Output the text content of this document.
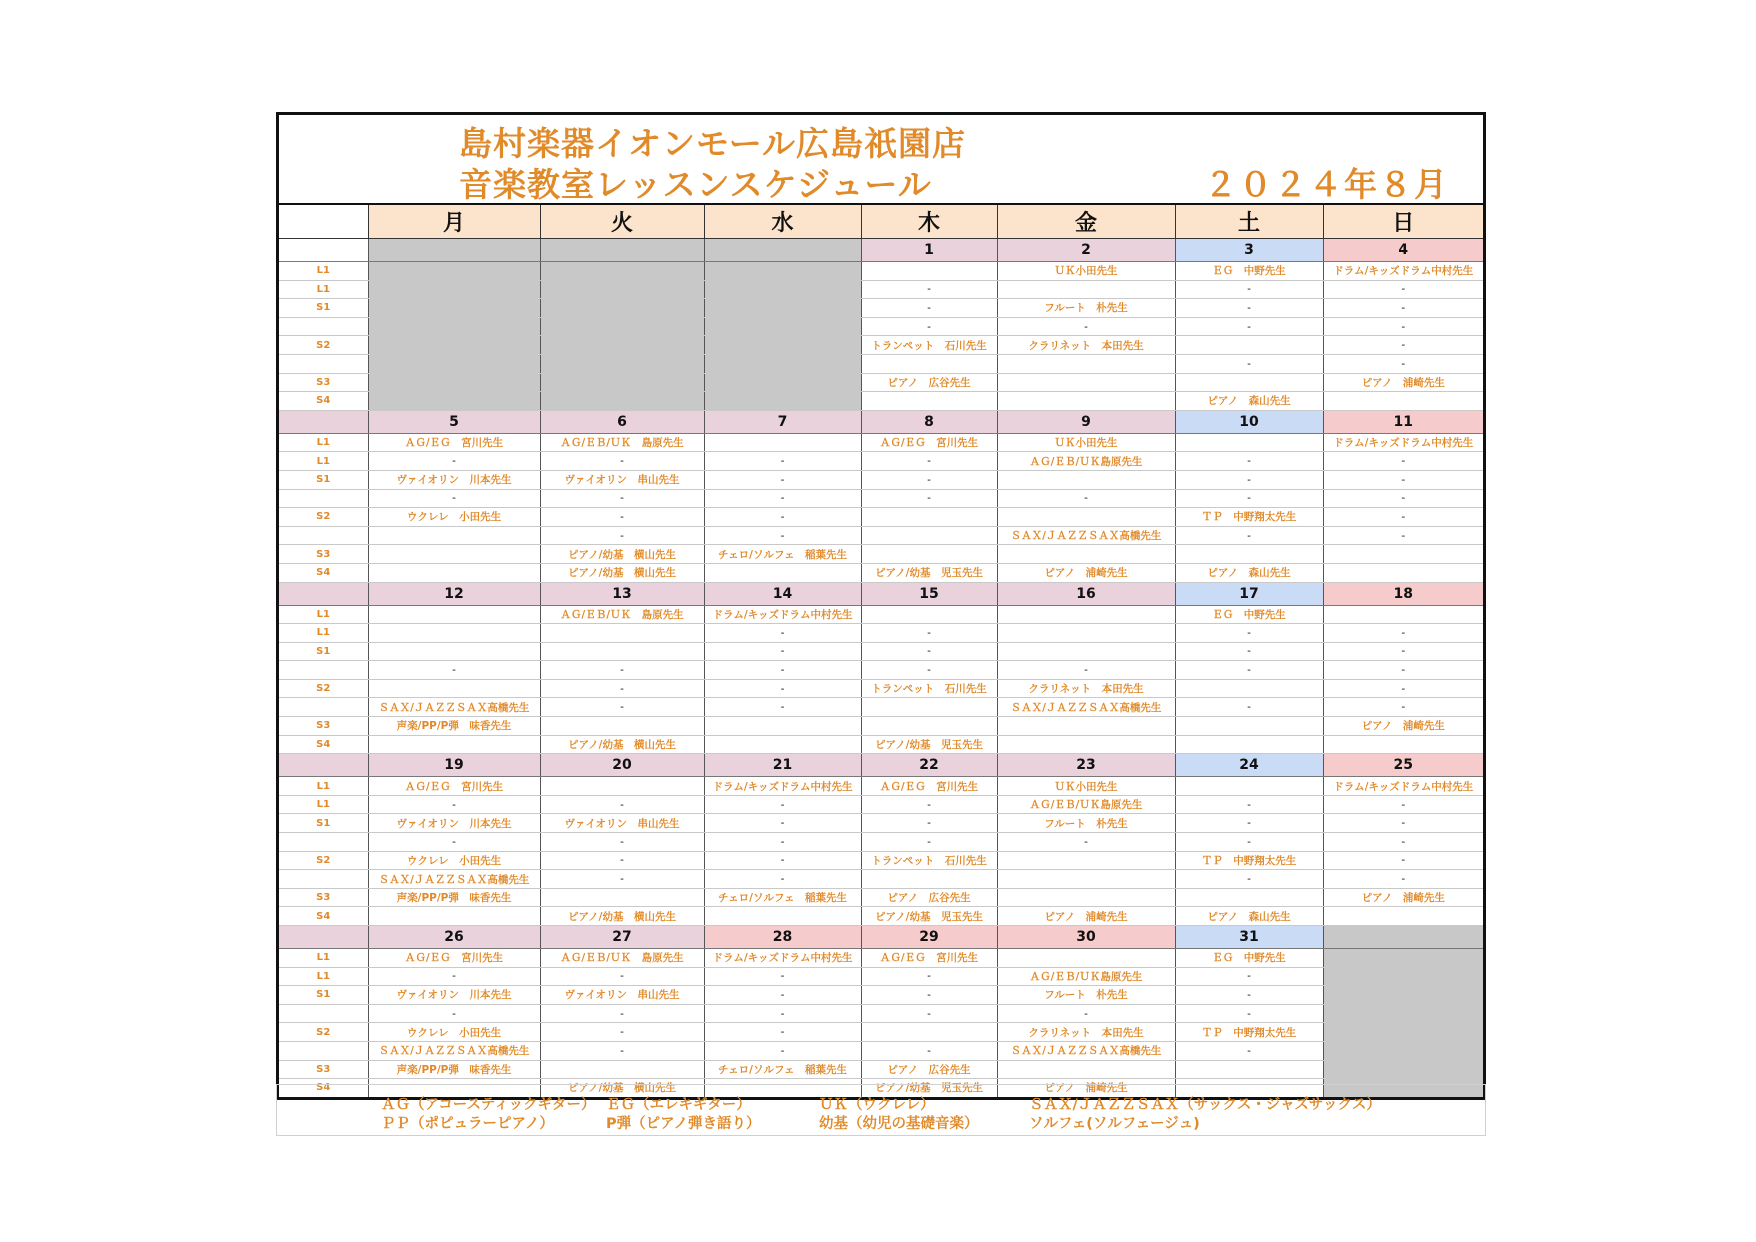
島村楽器イオンモール広島祇園店
音楽教室レッスンスケジュール	２０２４年８月
	月	火	水	木	金	土	日
				1	2	3	4
L1					ＵＫ小田先生	ＥＧ　中野先生	ドラム/キッズドラム中村先生
L1				-		-	-
S1				-	フルート　朴先生	-	-
				-	-	-	-
S2				トランペット　石川先生	クラリネット　本田先生		-
						-	-
S3				ピアノ　広谷先生			ピアノ　浦崎先生
S4						ピアノ　森山先生	
	5	6	7	8	9	10	11
L1	ＡＧ/ＥＧ　宮川先生	ＡＧ/ＥＢ/ＵＫ　島原先生		ＡＧ/ＥＧ　宮川先生	ＵＫ小田先生		ドラム/キッズドラム中村先生
L1	-	-	-	-	ＡＧ/ＥＢ/ＵＫ島原先生	-	-
S1	ヴァイオリン　川本先生	ヴァイオリン　串山先生	-	-		-	-
	-	-	-	-	-	-	-
S2	ウクレレ　小田先生	-	-			ＴＰ　中野翔太先生	-
		-	-		ＳＡＸ/ＪＡＺＺＳＡＸ高橋先生	-	-
S3		ピアノ/幼基　横山先生	チェロ/ソルフェ　稲葉先生				
S4		ピアノ/幼基　横山先生		ピアノ/幼基　児玉先生	ピアノ　浦崎先生	ピアノ　森山先生	
	12	13	14	15	16	17	18
L1		ＡＧ/ＥＢ/ＵＫ　島原先生	ドラム/キッズドラム中村先生			ＥＧ　中野先生	
L1			-	-		-	-
S1			-	-		-	-
	-	-	-	-	-	-	-
S2		-	-	トランペット　石川先生	クラリネット　本田先生		-
	ＳＡＸ/ＪＡＺＺＳＡＸ高橋先生	-	-		ＳＡＸ/ＪＡＺＺＳＡＸ高橋先生	-	-
S3	声楽/PP/P弾　味香先生						ピアノ　浦崎先生
S4		ピアノ/幼基　横山先生		ピアノ/幼基　児玉先生			
	19	20	21	22	23	24	25
L1	ＡＧ/ＥＧ　宮川先生		ドラム/キッズドラム中村先生	ＡＧ/ＥＧ　宮川先生	ＵＫ小田先生		ドラム/キッズドラム中村先生
L1	-	-	-	-	ＡＧ/ＥＢ/ＵＫ島原先生	-	-
S1	ヴァイオリン　川本先生	ヴァイオリン　串山先生	-	-	フルート　朴先生	-	-
	-	-	-	-	-	-	-
S2	ウクレレ　小田先生	-	-	トランペット　石川先生		ＴＰ　中野翔太先生	-
	ＳＡＸ/ＪＡＺＺＳＡＸ高橋先生	-	-			-	-
S3	声楽/PP/P弾　味香先生		チェロ/ソルフェ　稲葉先生	ピアノ　広谷先生			ピアノ　浦崎先生
S4		ピアノ/幼基　横山先生		ピアノ/幼基　児玉先生	ピアノ　浦崎先生	ピアノ　森山先生	
	26	27	28	29	30	31	
L1	ＡＧ/ＥＧ　宮川先生	ＡＧ/ＥＢ/ＵＫ　島原先生	ドラム/キッズドラム中村先生	ＡＧ/ＥＧ　宮川先生		ＥＧ　中野先生	
L1	-	-	-	-	ＡＧ/ＥＢ/ＵＫ島原先生	-	
S1	ヴァイオリン　川本先生	ヴァイオリン　串山先生	-	-	フルート　朴先生	-	
	-	-	-	-	-	-	
S2	ウクレレ　小田先生	-	-		クラリネット　本田先生	ＴＰ　中野翔太先生	
	ＳＡＸ/ＪＡＺＺＳＡＸ高橋先生	-	-	-	ＳＡＸ/ＪＡＺＺＳＡＸ高橋先生	-	
S3	声楽/PP/P弾　味香先生		チェロ/ソルフェ　稲葉先生	ピアノ　広谷先生			
S4		ピアノ/幼基　横山先生		ピアノ/幼基　児玉先生	ピアノ　浦崎先生		
ＡＧ（アコースティックギター） ＥＧ（エレキギター）	ＵＫ（ウクレレ）	ＳＡＸ/ＪＡＺＺＳＡＸ（サックス・ジャズサックス）
ＰＰ（ポピュラーピアノ）	P弾（ピアノ弾き語り）	幼基（幼児の基礎音楽）	ソルフェ(ソルフェージュ)
